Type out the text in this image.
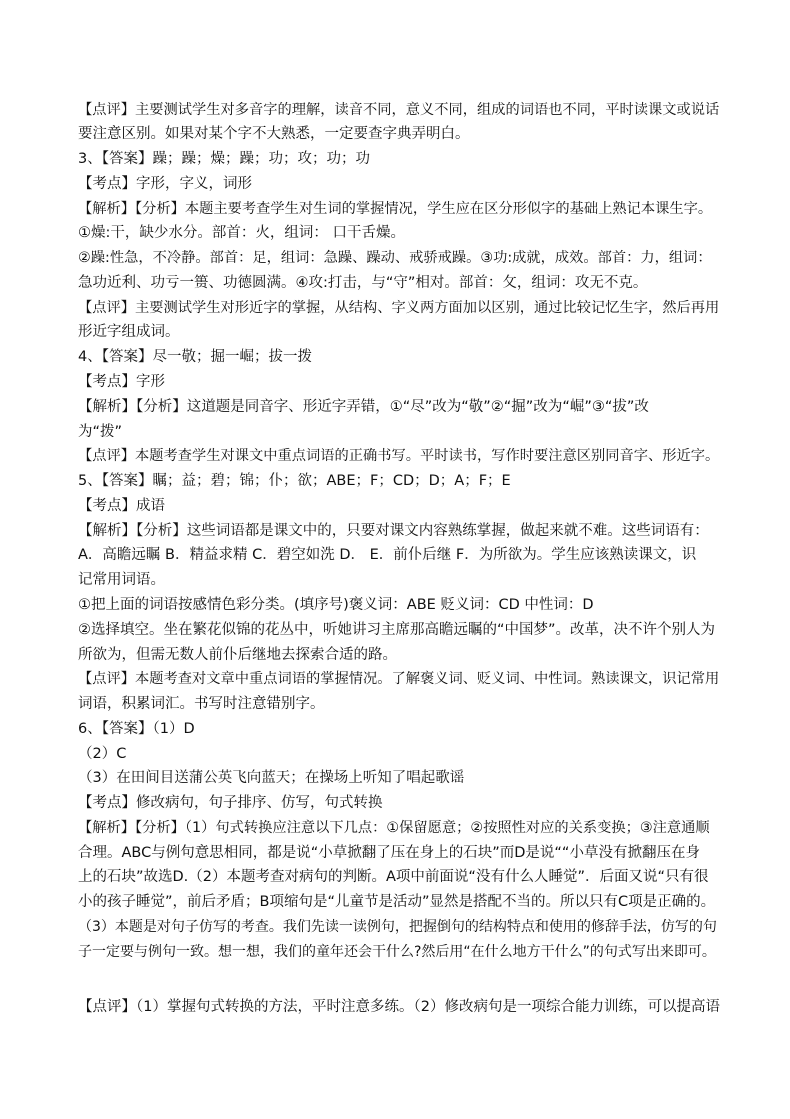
【点评】主要测试学生对多音字的理解，读音不同，意义不同，组成的词语也不同，平时读课文或说话
要注意区别。如果对某个字不大熟悉，一定要查字典弄明白。
3、【答案】躁；躁；燥；躁；功；攻；功；功
【考点】字形，字义，词形
【解析】【分析】本题主要考查学生对生词的掌握情况，学生应在区分形似字的基础上熟记本课生字。
①燥:干，缺少水分。部首：火，组词： 口干舌燥。
②躁:性急，不冷静。部首：足，组词：急躁、躁动、戒骄戒躁。③功:成就，成效。部首：力，组词：
急功近利、功亏一篑、功德圆满。④攻:打击，与“守”相对。部首：攵，组词：攻无不克。
【点评】主要测试学生对形近字的掌握，从结构、字义两方面加以区别，通过比较记忆生字，然后再用
形近字组成词。
4、【答案】尽一敬；掘一崛；拔一拨
【考点】字形
【解析】【分析】这道题是同音字、形近字弄错，①“尽”改为“敬”②“掘”改为“崛”③“拔”改
为“拨”
【点评】本题考查学生对课文中重点词语的正确书写。平时读书，写作时要注意区别同音字、形近字。
5、【答案】瞩；益；碧；锦；仆；欲；ABE；F；CD；D；A；F；E
【考点】成语
【解析】【分析】这些词语都是课文中的，只要对课文内容熟练掌握，做起来就不难。这些词语有：
A．高瞻远瞩 B．精益求精 C．碧空如洗 D． E．前仆后继 F．为所欲为。学生应该熟读课文，识
记常用词语。
①把上面的词语按感情色彩分类。(填序号)褒义词：ABE 贬义词：CD 中性词：D
②选择填空。坐在繁花似锦的花丛中，听她讲习主席那高瞻远瞩的“中国梦”。改革，决不许个别人为
所欲为，但需无数人前仆后继地去探索合适的路。
【点评】本题考查对文章中重点词语的掌握情况。了解褒义词、贬义词、中性词。熟读课文，识记常用
词语，积累词汇。书写时注意错别字。
6、【答案】（1）D
（2）C
（3）在田间目送蒲公英飞向蓝天；在操场上听知了唱起歌谣
【考点】修改病句，句子排序、仿写，句式转换
【解析】【分析】（1）句式转换应注意以下几点：①保留愿意；②按照性对应的关系变换；③注意通顺
合理。ABC与例句意思相同，都是说“小草掀翻了压在身上的石块”而D是说““小草没有掀翻压在身
上的石块”故选D.（2）本题考查对病句的判断。A项中前面说“没有什么人睡觉”．后面又说“只有很
小的孩子睡觉”，前后矛盾；B项缩句是“儿童节是活动”显然是搭配不当的。所以只有C项是正确的。
（3）本题是对句子仿写的考查。我们先读一读例句，把握倒句的结构特点和使用的修辞手法，仿写的句
子一定要与例句一致。想一想，我们的童年还会干什么?然后用“在什么地方干什么”的句式写出来即可。
【点评】（1）掌握句式转换的方法，平时注意多练。（2）修改病句是一项综合能力训练，可以提高语
